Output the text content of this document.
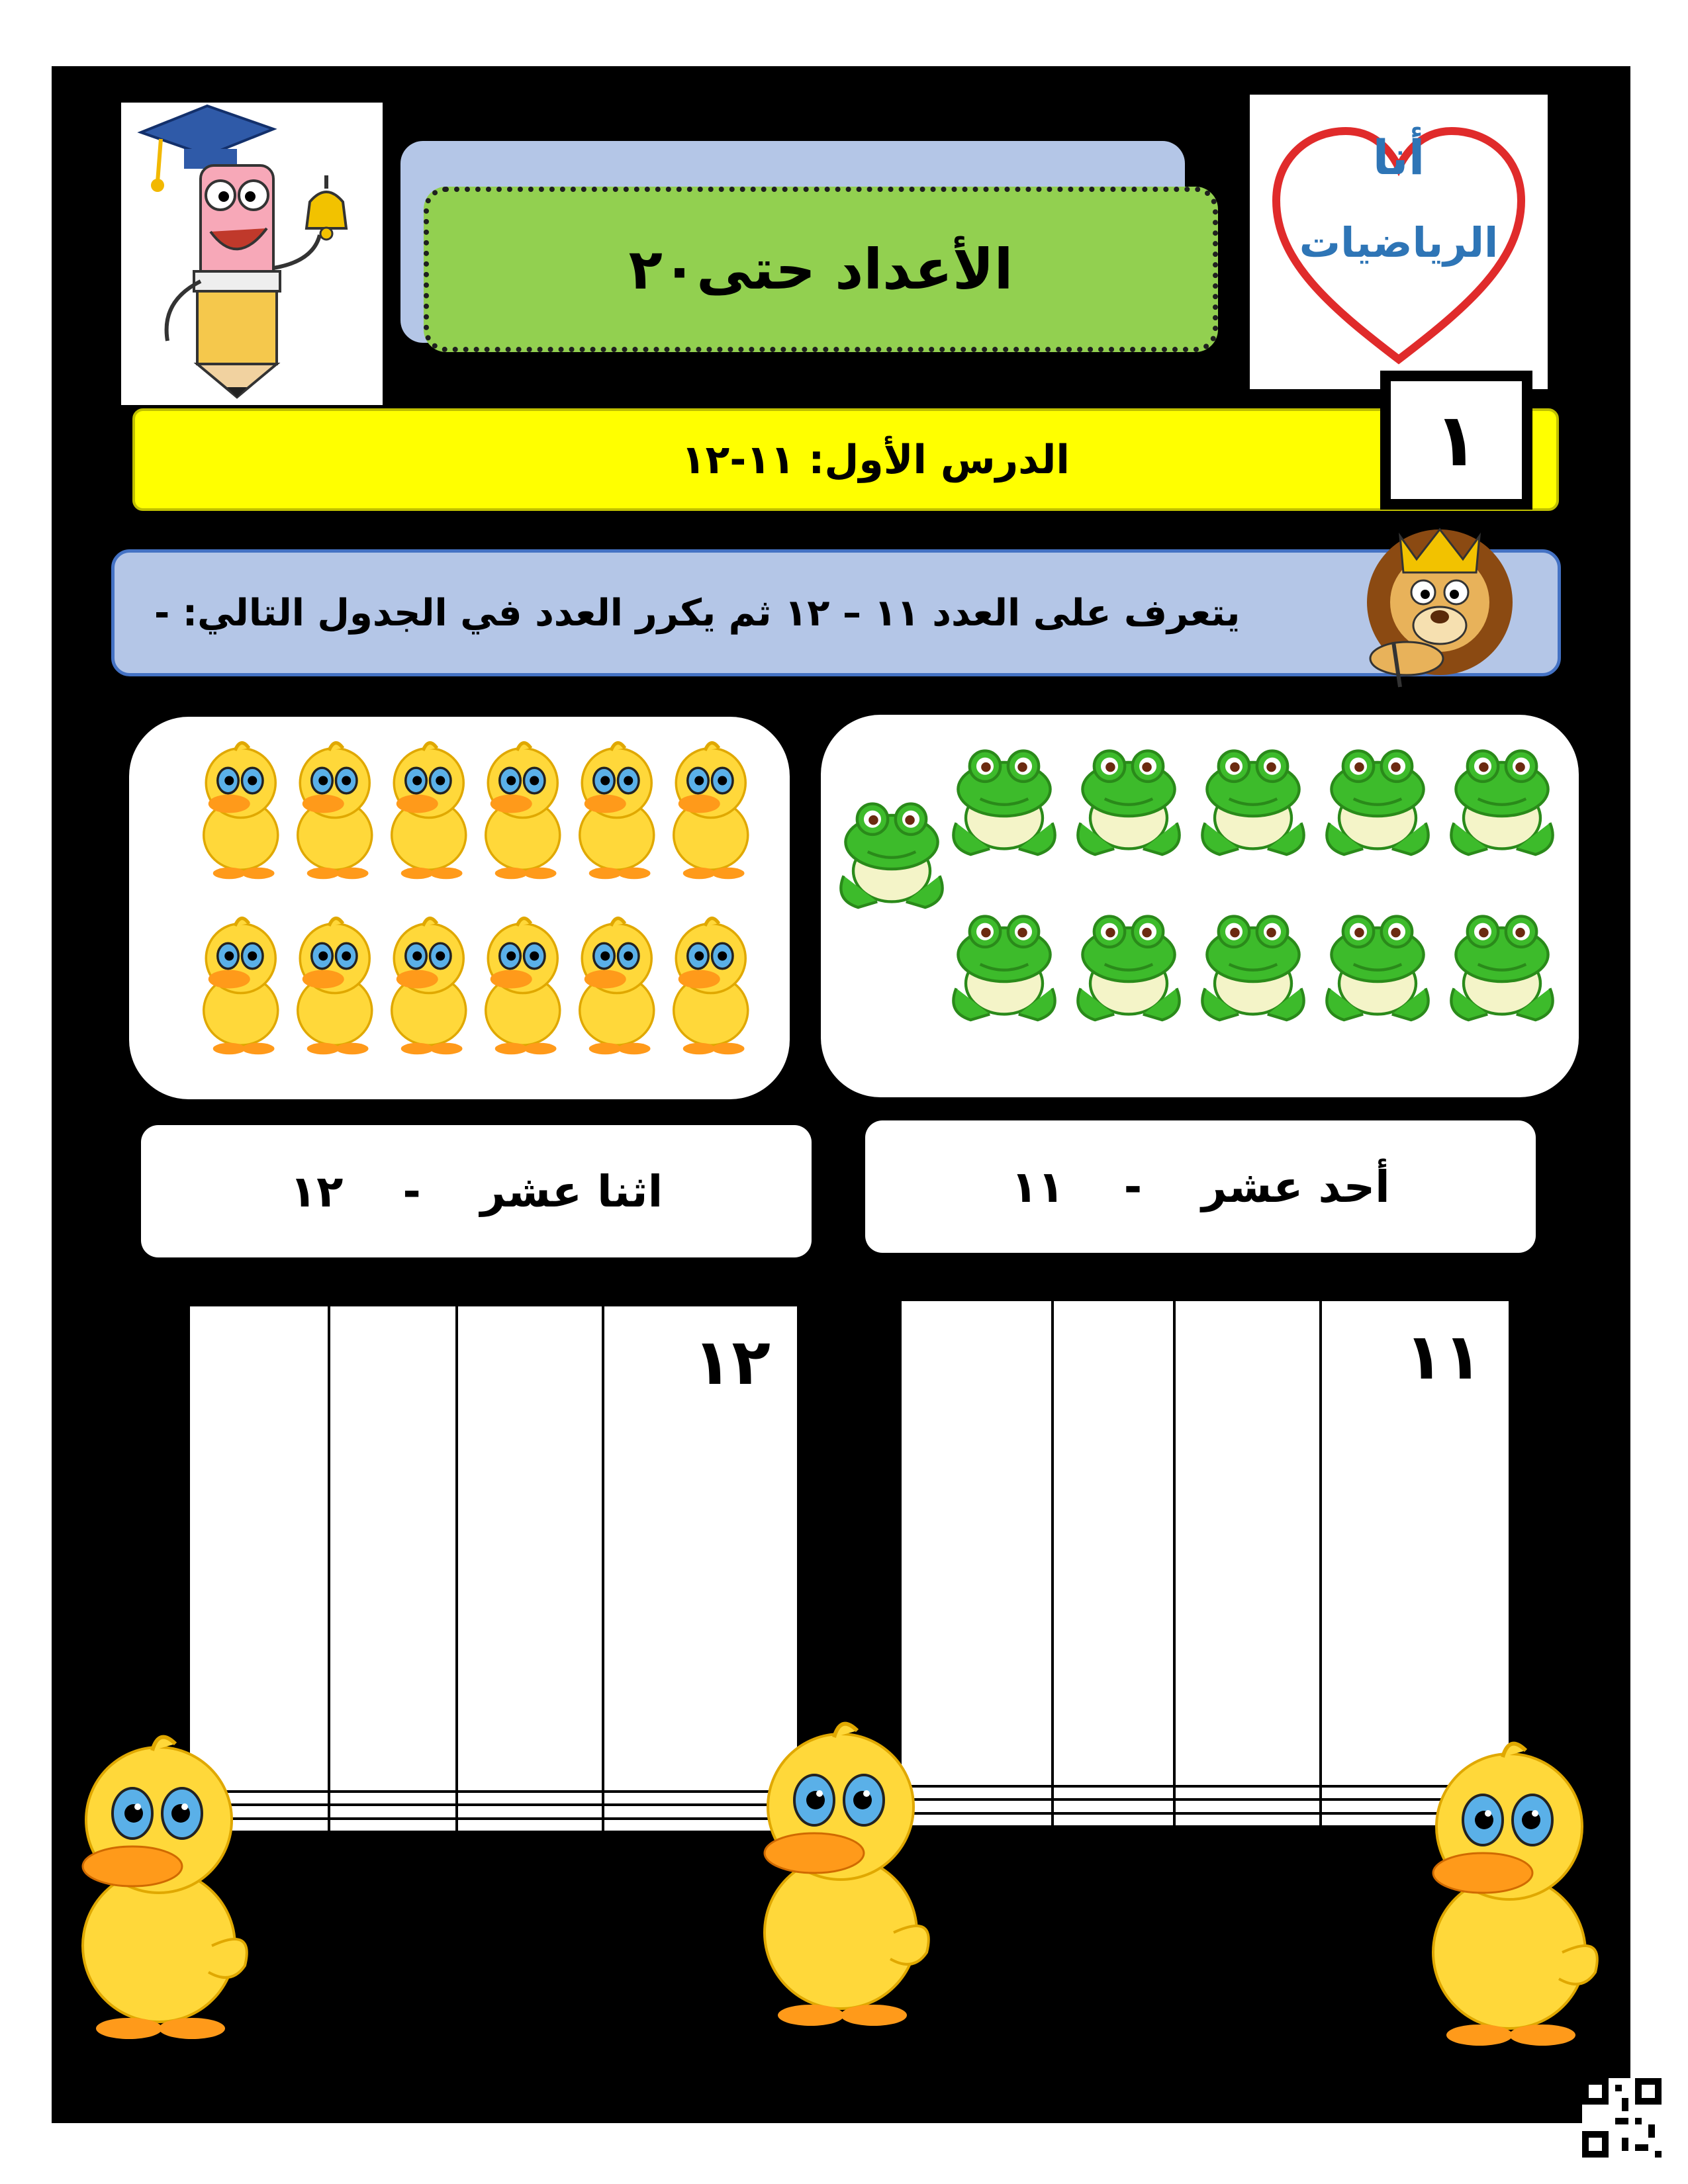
الأعداد حتى٢٠
أنا
الرياضيات
الدرس الأول: ١١-١٢	١
يتعرف على العدد ١١ – ١٢ ثم يكرر العدد في الجدول التالي: -
اثنا عشر
-
١٢	أحد عشر
-
١١

			١٢

			١١
